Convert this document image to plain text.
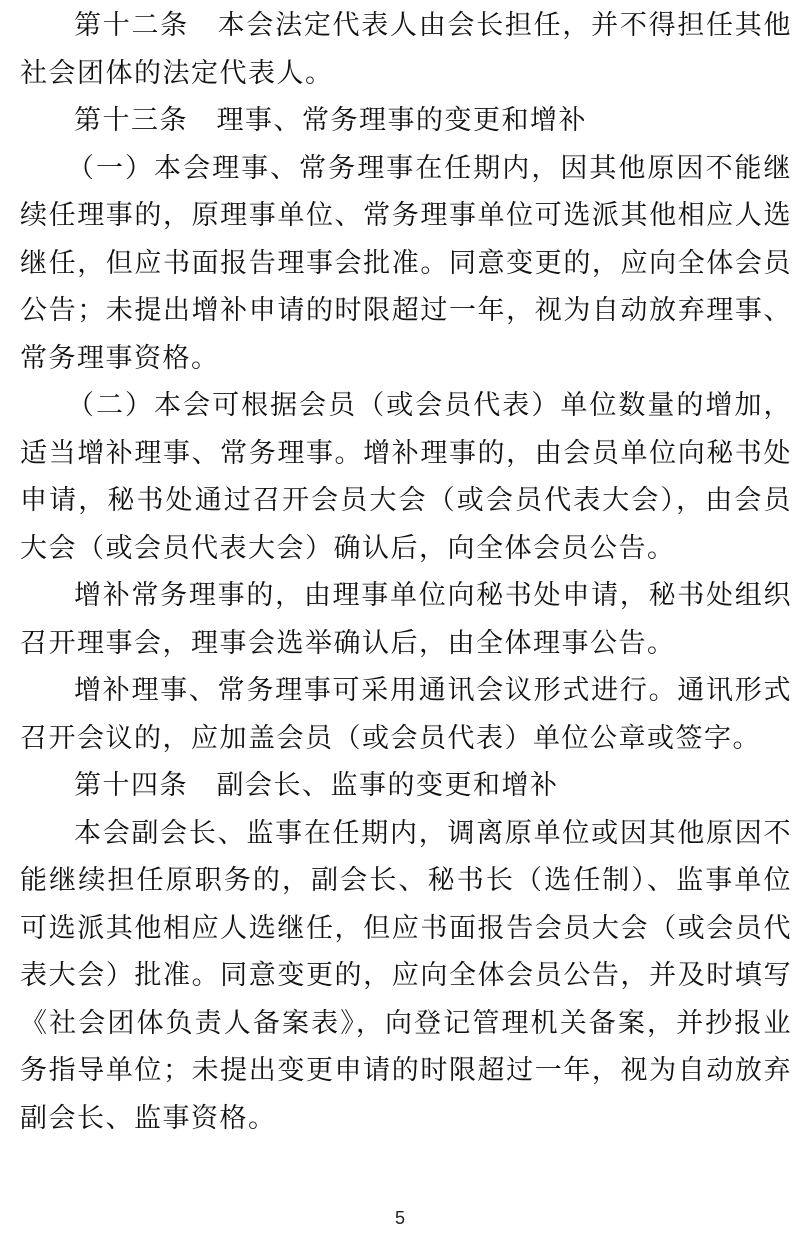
第十二条　本会法定代表人由会长担任，并不得担任其他社会团体的法定代表人。

第十三条　理事、常务理事的变更和增补

（一）本会理事、常务理事在任期内，因其他原因不能继续任理事的，原理事单位、常务理事单位可选派其他相应人选继任，但应书面报告理事会批准。同意变更的，应向全体会员公告；未提出增补申请的时限超过一年，视为自动放弃理事、常务理事资格。

（二）本会可根据会员（或会员代表）单位数量的增加，适当增补理事、常务理事。增补理事的，由会员单位向秘书处申请，秘书处通过召开会员大会（或会员代表大会），由会员大会（或会员代表大会）确认后，向全体会员公告。

增补常务理事的，由理事单位向秘书处申请，秘书处组织召开理事会，理事会选举确认后，由全体理事公告。

增补理事、常务理事可采用通讯会议形式进行。通讯形式召开会议的，应加盖会员（或会员代表）单位公章或签字。

第十四条　副会长、监事的变更和增补

本会副会长、监事在任期内，调离原单位或因其他原因不能继续担任原职务的，副会长、秘书长（选任制）、监事单位可选派其他相应人选继任，但应书面报告会员大会（或会员代表大会）批准。同意变更的，应向全体会员公告，并及时填写《社会团体负责人备案表》，向登记管理机关备案，并抄报业务指导单位；未提出变更申请的时限超过一年，视为自动放弃副会长、监事资格。

5
